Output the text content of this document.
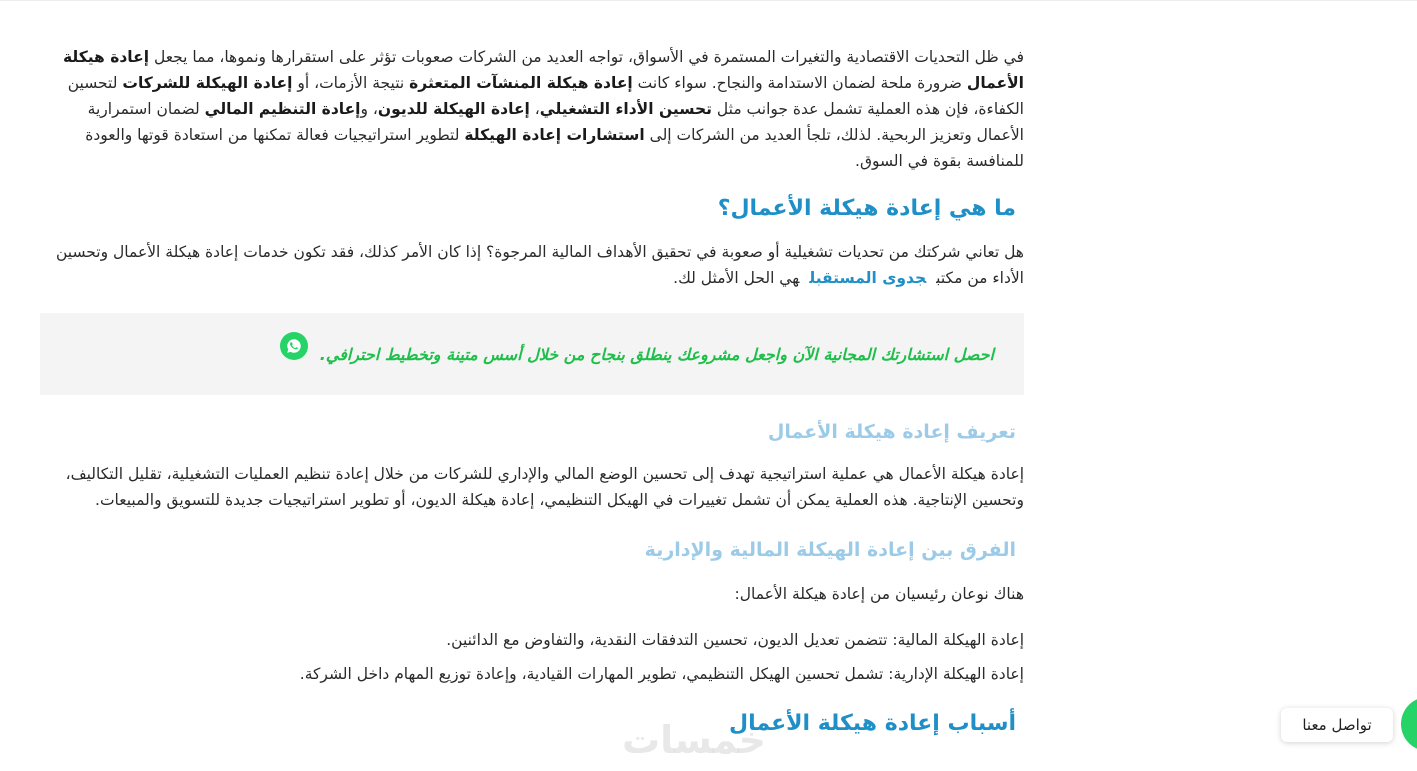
في ظل التحديات الاقتصادية والتغيرات المستمرة في الأسواق، تواجه العديد من الشركات صعوبات تؤثر على استقرارها ونموها، مما يجعل إعادة هيكلة الأعمال ضرورة ملحة لضمان الاستدامة والنجاح. سواء كانت إعادة هيكلة المنشآت المتعثرة نتيجة الأزمات، أو إعادة الهيكلة للشركات لتحسين الكفاءة، فإن هذه العملية تشمل عدة جوانب مثل تحسين الأداء التشغيلي، إعادة الهيكلة للديون، وإعادة التنظيم المالي لضمان استمرارية الأعمال وتعزيز الربحية. لذلك، تلجأ العديد من الشركات إلى استشارات إعادة الهيكلة لتطوير استراتيجيات فعالة تمكنها من استعادة قوتها والعودة للمنافسة بقوة في السوق.

ما هي إعادة هيكلة الأعمال؟

هل تعاني شركتك من تحديات تشغيلية أو صعوبة في تحقيق الأهداف المالية المرجوة؟ إذا كان الأمر كذلك، فقد تكون خدمات إعادة هيكلة الأعمال وتحسين الأداء من مكتبجدوى المستقبلهي الحل الأمثل لك.

احصل استشارتك المجانية الآن واجعل مشروعك ينطلق بنجاح من خلال أسس متينة وتخطيط احترافي.
تعريف إعادة هيكلة الأعمال

إعادة هيكلة الأعمال هي عملية استراتيجية تهدف إلى تحسين الوضع المالي والإداري للشركات من خلال إعادة تنظيم العمليات التشغيلية، تقليل التكاليف، وتحسين الإنتاجية. هذه العملية يمكن أن تشمل تغييرات في الهيكل التنظيمي، إعادة هيكلة الديون، أو تطوير استراتيجيات جديدة للتسويق والمبيعات.

الفرق بين إعادة الهيكلة المالية والإدارية

هناك نوعان رئيسيان من إعادة هيكلة الأعمال:

إعادة الهيكلة المالية: تتضمن تعديل الديون، تحسين التدفقات النقدية، والتفاوض مع الدائنين.

إعادة الهيكلة الإدارية: تشمل تحسين الهيكل التنظيمي، تطوير المهارات القيادية، وإعادة توزيع المهام داخل الشركة.

أسباب إعادة هيكلة الأعمال
خمسات	تواصل معنا
